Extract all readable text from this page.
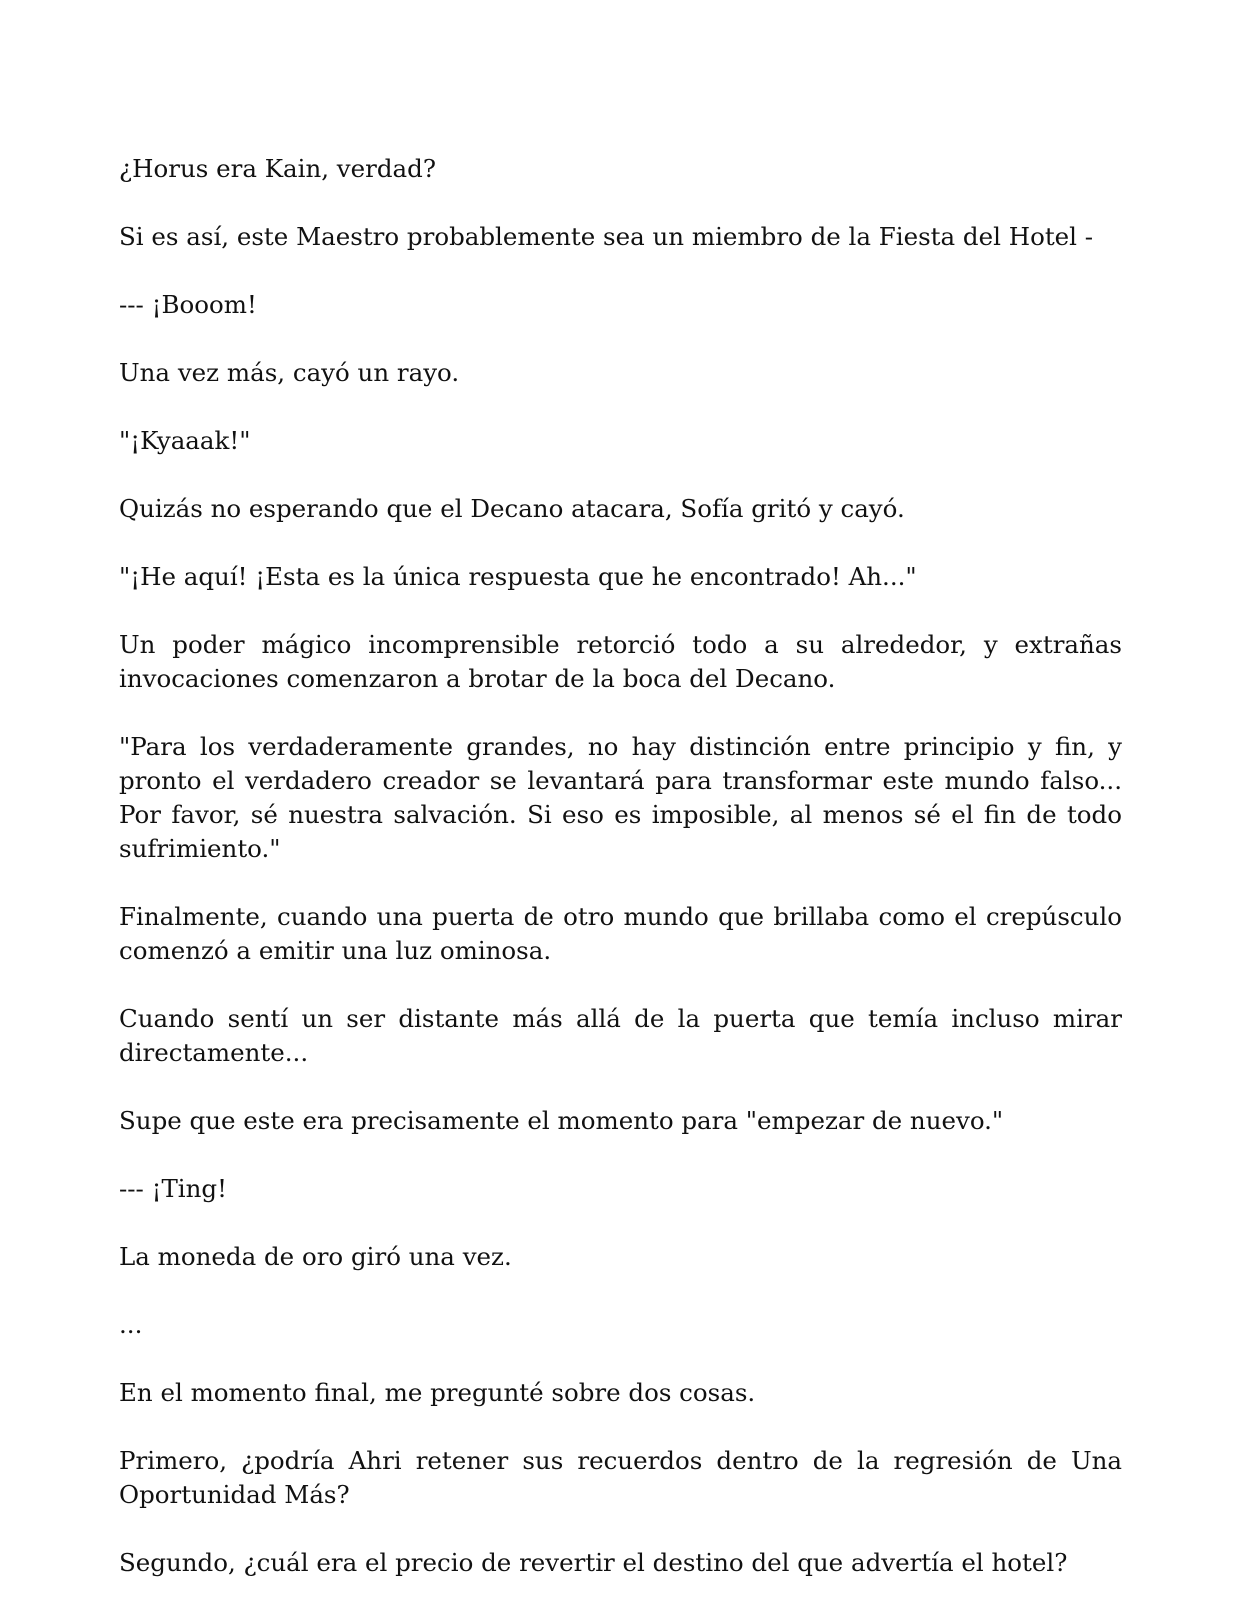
¿Horus era Kain, verdad?

Si es así, este Maestro probablemente sea un miembro de la Fiesta del Hotel -

--- ¡Booom!

Una vez más, cayó un rayo.

"¡Kyaaak!"

Quizás no esperando que el Decano atacara, Sofía gritó y cayó.

"¡He aquí! ¡Esta es la única respuesta que he encontrado! Ah..."

Un poder mágico incomprensible retorció todo a su alrededor, y extrañas invocaciones comenzaron a brotar de la boca del Decano.

"Para los verdaderamente grandes, no hay distinción entre principio y fin, y pronto el verdadero creador se levantará para transformar este mundo falso... Por favor, sé nuestra salvación. Si eso es imposible, al menos sé el fin de todo sufrimiento."

Finalmente, cuando una puerta de otro mundo que brillaba como el crepúsculo comenzó a emitir una luz ominosa.

Cuando sentí un ser distante más allá de la puerta que temía incluso mirar directamente...

Supe que este era precisamente el momento para "empezar de nuevo."

--- ¡Ting!

La moneda de oro giró una vez.

...

En el momento final, me pregunté sobre dos cosas.

Primero, ¿podría Ahri retener sus recuerdos dentro de la regresión de Una Oportunidad Más?

Segundo, ¿cuál era el precio de revertir el destino del que advertía el hotel?
